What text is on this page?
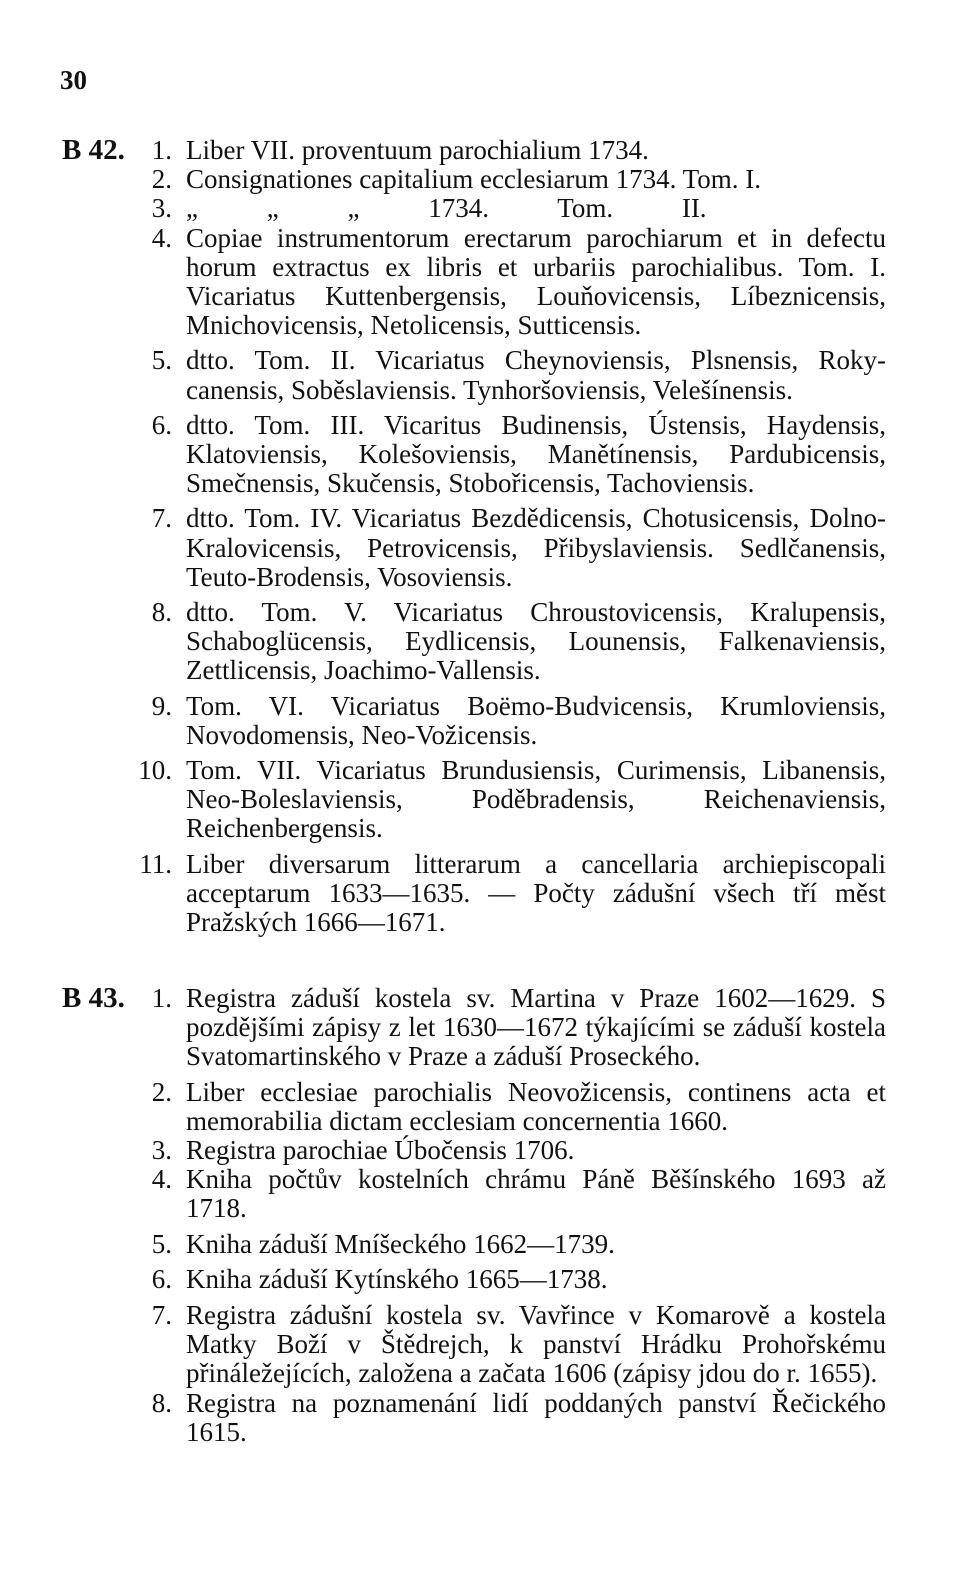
30
B 42. 1. Liber VII. proventuum parochialium 1734.
2. Consignationes capitalium ecclesiarum 1734. Tom. I.
3. „ „ „ 1734. Tom. II.
4. Copiae instrumentorum erectarum parochiarum et in defectu horum extractus ex libris et urbariis parochialibus. Tom. I. Vicariatus Kuttenbergensis, Louňovicensis, Líbeznicensis, Mnichovicensis, Netolicensis, Sutticensis.
5. dtto. Tom. II. Vicariatus Cheynoviensis, Plsnensis, Rokycanensis, Soběslaviensis. Tynhoršoviensis, Velešínensis.
6. dtto. Tom. III. Vicaritus Budinensis, Ústensis, Haydensis, Klatoviensis, Kolešoviensis, Manětínensis, Pardubicensis, Smečnensis, Skučensis, Stobořicensis, Tachoviensis.
7. dtto. Tom. IV. Vicariatus Bezdědicensis, Chotusicensis, Dolno-Kralovicensis, Petrovicensis, Přibyslaviensis. Sedlčanensis, Teuto-Brodensis, Vosoviensis.
8. dtto. Tom. V. Vicariatus Chroustovicensis, Kralupensis, Schaboglücensis, Eydlicensis, Lounensis, Falkenaviensis, Zettlicensis, Joachimo-Vallensis.
9. Tom. VI. Vicariatus Boëmo-Budvicensis, Krumloviensis, Novodomensis, Neo-Vožicensis.
10. Tom. VII. Vicariatus Brundusiensis, Curimensis, Libanensis, Neo-Boleslaviensis, Poděbradensis, Reichenaviensis, Reichenbergensis.
11. Liber diversarum litterarum a cancellaria archiepiscopali acceptarum 1633—1635. — Počty zádušní všech tří měst Pražských 1666—1671.
B 43. 1. Registra záduší kostela sv. Martina v Praze 1602—1629. S pozdějšími zápisy z let 1630—1672 týkajícími se záduší kostela Svatomartinského v Praze a záduší Proseckého.
2. Liber ecclesiae parochialis Neovožicensis, continens acta et memorabilia dictam ecclesiam concernentia 1660.
3. Registra parochiae Úbočensis 1706.
4. Kniha počtův kostelních chrámu Páně Běšínského 1693 až 1718.
5. Kniha záduší Mníšeckého 1662—1739.
6. Kniha záduší Kytínského 1665—1738.
7. Registra zádušní kostela sv. Vavřince v Komarově a kostela Matky Boží v Štědrejch, k panství Hrádku Prohořskému přináležejících, založena a začata 1606 (zápisy jdou do r. 1655).
8. Registra na poznamenání lidí poddaných panství Řečického 1615.
